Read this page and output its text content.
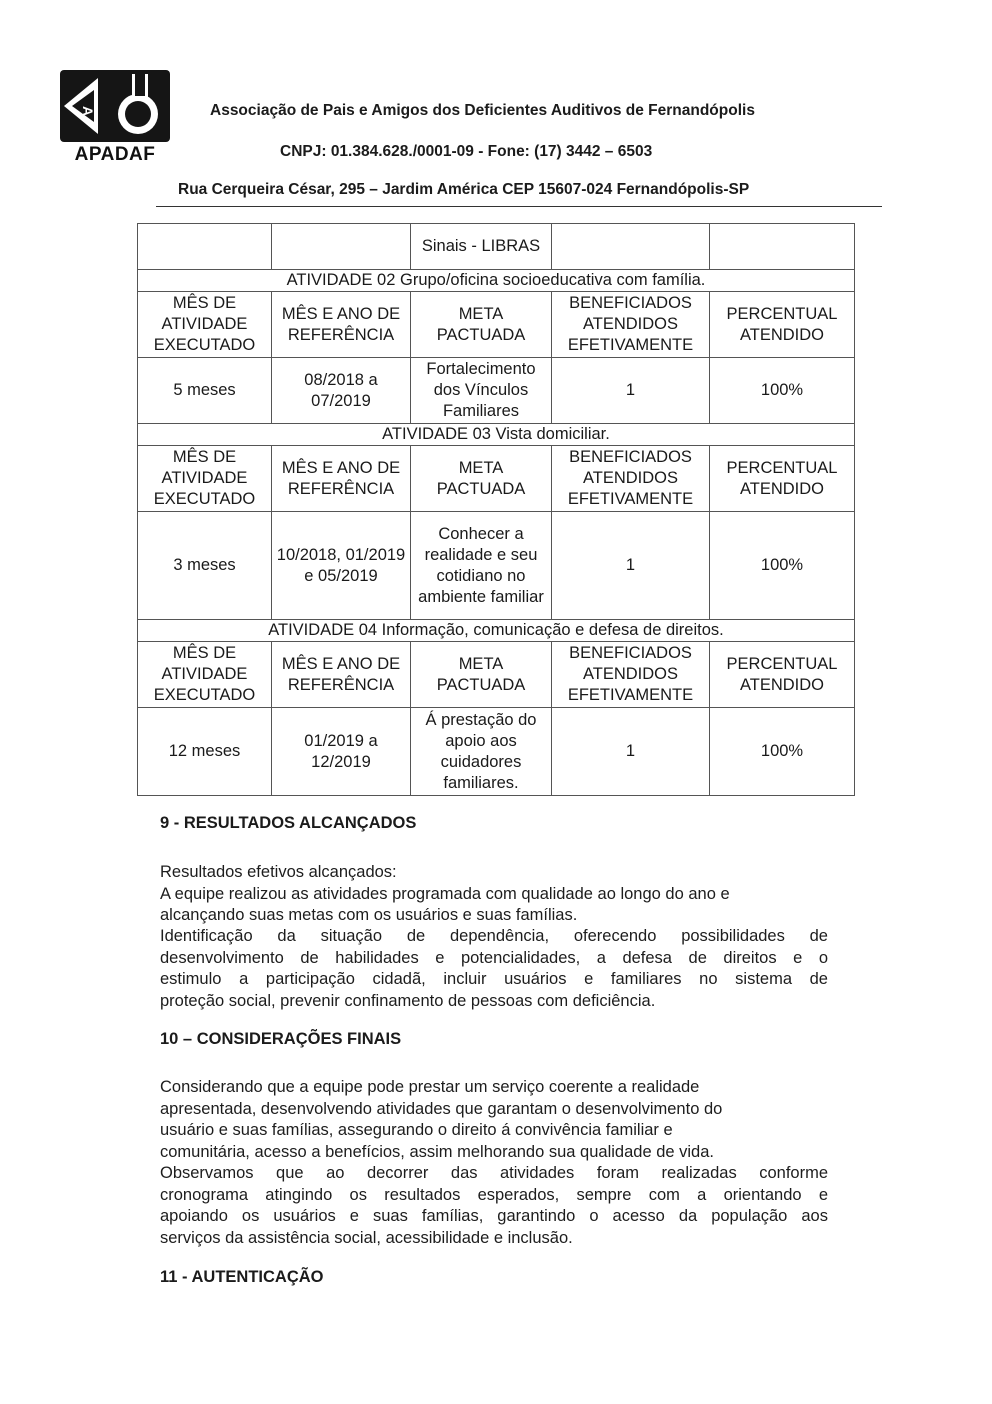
A
APADAF
Associação de Pais e Amigos dos Deficientes Auditivos de Fernandópolis
CNPJ: 01.384.628./0001-09 - Fone: (17) 3442 – 6503
Rua Cerqueira César, 295 – Jardim América CEP 15607-024 Fernandópolis-SP
		Sinais - LIBRAS		
ATIVIDADE 02 Grupo/oficina socioeducativa com família.				
MÊS DE ATIVIDADE EXECUTADO	MÊS E ANO DE REFERÊNCIA	META PACTUADA	BENEFICIADOS ATENDIDOS EFETIVAMENTE	PERCENTUAL ATENDIDO
5 meses	08/2018 a 07/2019	Fortalecimento dos Vínculos Familiares	1	100%
ATIVIDADE 03 Vista domiciliar.				
MÊS DE ATIVIDADE EXECUTADO	MÊS E ANO DE REFERÊNCIA	META PACTUADA	BENEFICIADOS ATENDIDOS EFETIVAMENTE	PERCENTUAL ATENDIDO
3 meses	10/2018, 01/2019 e 05/2019	Conhecer a realidade e seu cotidiano no ambiente familiar	1	100%
ATIVIDADE 04 Informação, comunicação e defesa de direitos.				
MÊS DE ATIVIDADE EXECUTADO	MÊS E ANO DE REFERÊNCIA	META PACTUADA	BENEFICIADOS ATENDIDOS EFETIVAMENTE	PERCENTUAL ATENDIDO
12 meses	01/2019 a 12/2019	Á prestação do apoio aos cuidadores familiares.	1	100%
9 - RESULTADOS ALCANÇADOS

Resultados efetivos alcançados:
A equipe realizou as atividades programada com qualidade ao longo do ano e
alcançando suas metas com os usuários e suas famílias.

Identificação da situação de dependência, oferecendo possibilidades de
desenvolvimento de habilidades e potencialidades, a defesa de direitos e o
estimulo a participação cidadã, incluir usuários e familiares no sistema de
proteção social, prevenir confinamento de pessoas com deficiência.

10 – CONSIDERAÇÕES FINAIS

Considerando que a equipe pode prestar um serviço coerente a realidade
apresentada, desenvolvendo atividades que garantam o desenvolvimento do
usuário e suas famílias, assegurando o direito á convivência familiar e
comunitária, acesso a benefícios, assim melhorando sua qualidade de vida.

Observamos que ao decorrer das atividades foram realizadas conforme
cronograma atingindo os resultados esperados, sempre com a orientando e
apoiando os usuários e suas famílias, garantindo o acesso da população aos
serviços da assistência social, acessibilidade e inclusão.

11 - AUTENTICAÇÃO
